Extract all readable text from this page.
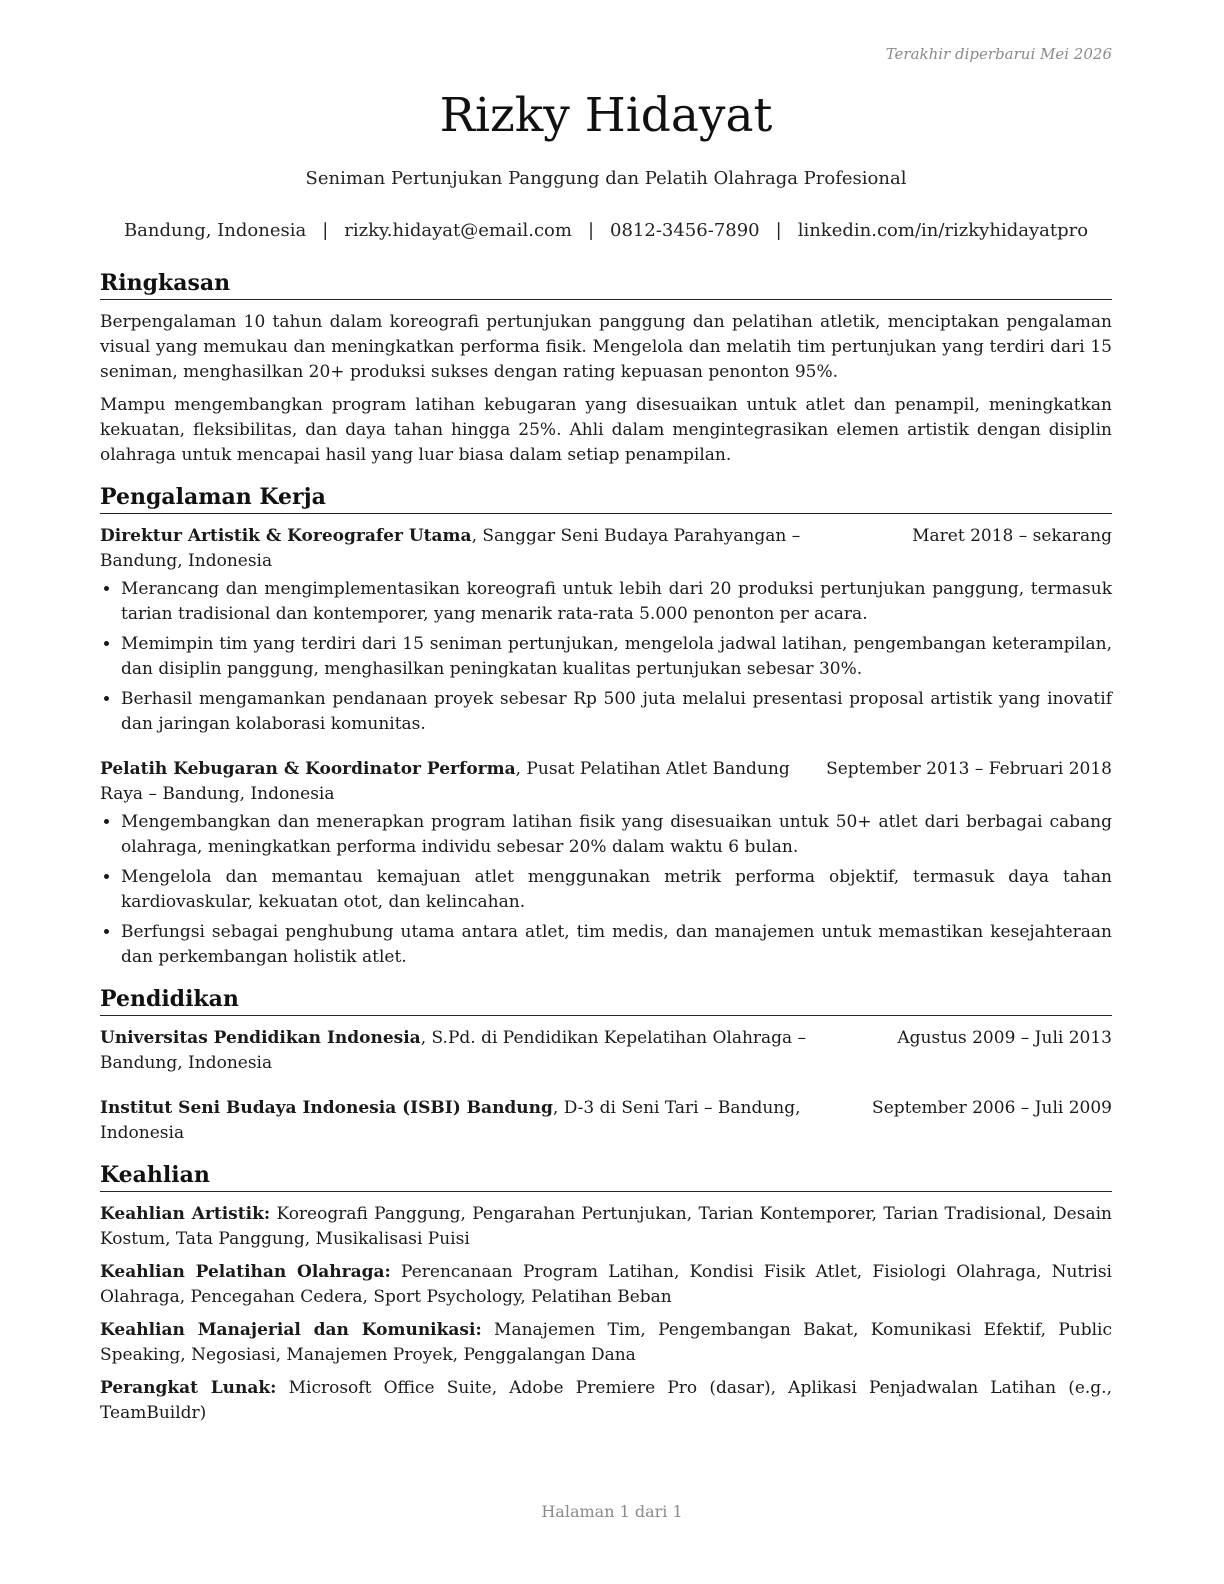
Terakhir diperbarui Mei 2026
Rizky Hidayat
Seniman Pertunjukan Panggung dan Pelatih Olahraga Profesional
Bandung, Indonesia | rizky.hidayat@email.com | 0812-3456-7890 | linkedin.com/in/rizkyhidayatpro
Ringkasan

Berpengalaman 10 tahun dalam koreografi pertunjukan panggung dan pelatihan atletik, menciptakan pengalaman visual yang memukau dan meningkatkan performa fisik. Mengelola dan melatih tim pertunjukan yang terdiri dari 15 seniman, menghasilkan 20+ produksi sukses dengan rating kepuasan penonton 95%.

Mampu mengembangkan program latihan kebugaran yang disesuaikan untuk atlet dan penampil, meningkatkan kekuatan, fleksibilitas, dan daya tahan hingga 25%. Ahli dalam mengintegrasikan elemen artistik dengan disiplin olahraga untuk mencapai hasil yang luar biasa dalam setiap penampilan.

Pengalaman Kerja
Direktur Artistik & Koreografer Utama, Sanggar Seni Budaya Parahyangan – Bandung, Indonesia
Maret 2018 – sekarang
• Merancang dan mengimplementasikan koreografi untuk lebih dari 20 produksi pertunjukan panggung, termasuk tarian tradisional dan kontemporer, yang menarik rata-rata 5.000 penonton per acara.
• Memimpin tim yang terdiri dari 15 seniman pertunjukan, mengelola jadwal latihan, pengembangan keterampilan, dan disiplin panggung, menghasilkan peningkatan kualitas pertunjukan sebesar 30%.
• Berhasil mengamankan pendanaan proyek sebesar Rp 500 juta melalui presentasi proposal artistik yang inovatif dan jaringan kolaborasi komunitas.
Pelatih Kebugaran & Koordinator Performa, Pusat Pelatihan Atlet Bandung Raya – Bandung, Indonesia
September 2013 – Februari 2018
• Mengembangkan dan menerapkan program latihan fisik yang disesuaikan untuk 50+ atlet dari berbagai cabang olahraga, meningkatkan performa individu sebesar 20% dalam waktu 6 bulan.
• Mengelola dan memantau kemajuan atlet menggunakan metrik performa objektif, termasuk daya tahan kardiovaskular, kekuatan otot, dan kelincahan.
• Berfungsi sebagai penghubung utama antara atlet, tim medis, dan manajemen untuk memastikan kesejahteraan dan perkembangan holistik atlet.
Pendidikan
Universitas Pendidikan Indonesia, S.Pd. di Pendidikan Kepelatihan Olahraga – Bandung, Indonesia
Agustus 2009 – Juli 2013
Institut Seni Budaya Indonesia (ISBI) Bandung, D-3 di Seni Tari – Bandung, Indonesia
September 2006 – Juli 2009
Keahlian
Keahlian Artistik: Koreografi Panggung, Pengarahan Pertunjukan, Tarian Kontemporer, Tarian Tradisional, Desain Kostum, Tata Panggung, Musikalisasi Puisi
Keahlian Pelatihan Olahraga: Perencanaan Program Latihan, Kondisi Fisik Atlet, Fisiologi Olahraga, Nutrisi Olahraga, Pencegahan Cedera, Sport Psychology, Pelatihan Beban
Keahlian Manajerial dan Komunikasi: Manajemen Tim, Pengembangan Bakat, Komunikasi Efektif, Public Speaking, Negosiasi, Manajemen Proyek, Penggalangan Dana
Perangkat Lunak: Microsoft Office Suite, Adobe Premiere Pro (dasar), Aplikasi Penjadwalan Latihan (e.g., TeamBuildr)
Halaman 1 dari 1
